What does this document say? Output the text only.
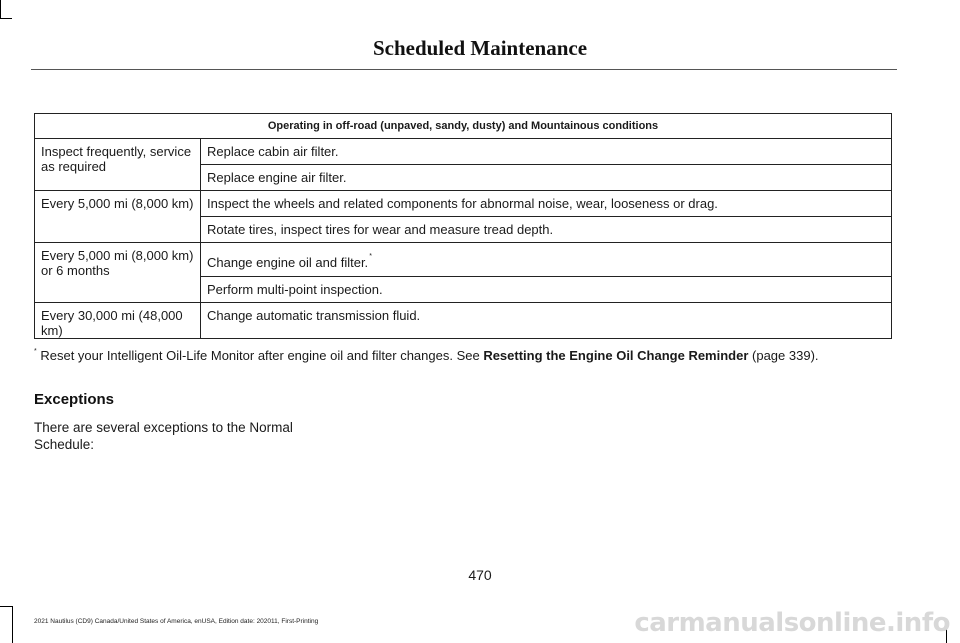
Scheduled Maintenance
Operating in off-road (unpaved, sandy, dusty) and Mountainous conditions	
Inspect frequently, service as required	Replace cabin air filter.
	Replace engine air filter.
Every 5,000 mi (8,000 km)	Inspect the wheels and related components for abnormal noise, wear, looseness or drag.
	Rotate tires, inspect tires for wear and measure tread depth.
Every 5,000 mi (8,000 km) or 6 months	Change engine oil and filter.*
	Perform multi-point inspection.
Every 30,000 mi (48,000 km)	Change automatic transmission fluid.
* Reset your Intelligent Oil-Life Monitor after engine oil and filter changes. See Resetting the Engine Oil Change Reminder (page 339).
Exceptions
There are several exceptions to the Normal Schedule:
470
2021 Nautilus (CD9) Canada/United States of America, enUSA, Edition date: 202011, First-Printing	carmanualsonline.info
